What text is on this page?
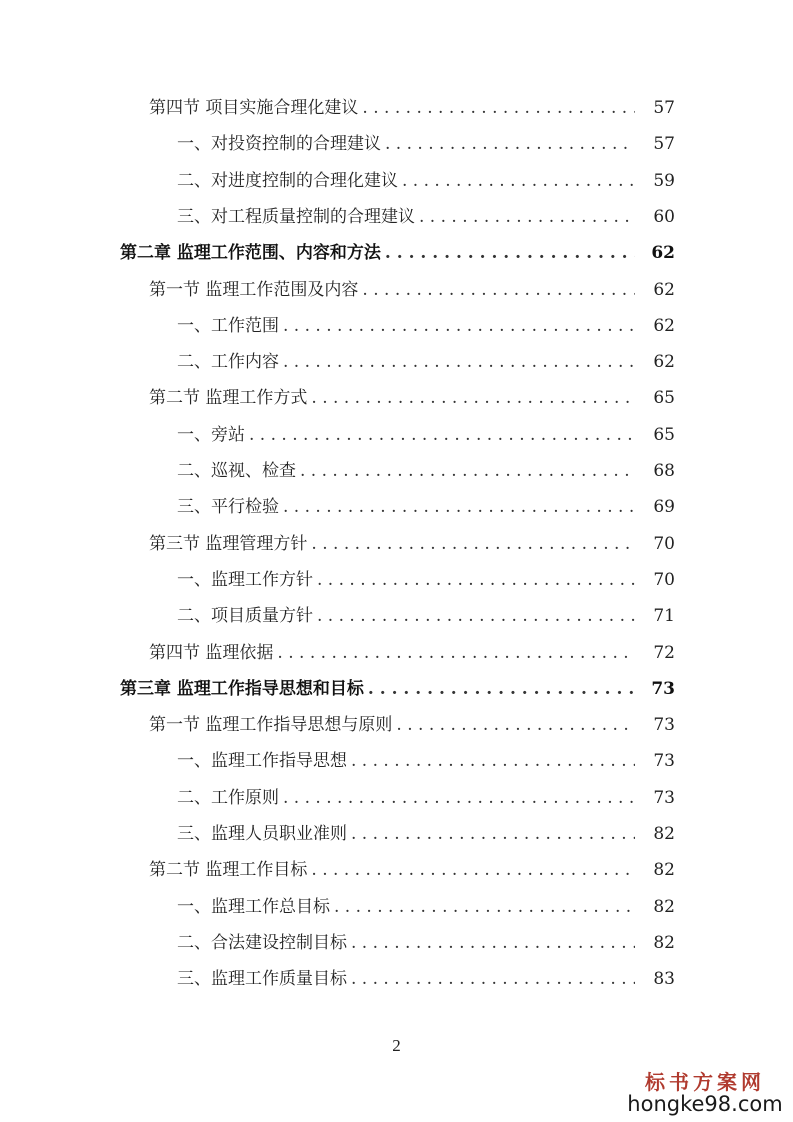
第四节 项目实施合理化建议 . . .	57
一、对投资控制的合理建议 . . .	57
二、对进度控制的合理化建议 . . .	59
三、对工程质量控制的合理建议 . . .	60
第二章 监理工作范围、内容和方法 . . .	62
第一节 监理工作范围及内容 . . .	62
一、工作范围 . . .	62
二、工作内容 . . .	62
第二节 监理工作方式 . . .	65
一、旁站 . . .	65
二、巡视、检查 . . .	68
三、平行检验 . . .	69
第三节 监理管理方针 . . .	70
一、监理工作方针 . . .	70
二、项目质量方针 . . .	71
第四节 监理依据 . . .	72
第三章 监理工作指导思想和目标 . . .	73
第一节 监理工作指导思想与原则 . . .	73
一、监理工作指导思想 . . .	73
二、工作原则 . . .	73
三、监理人员职业准则 . . .	82
第二节 监理工作目标 . . .	82
一、监理工作总目标 . . .	82
二、合法建设控制目标 . . .	82
三、监理工作质量目标 . . .	83
2
标书方案网
hongke98.com
